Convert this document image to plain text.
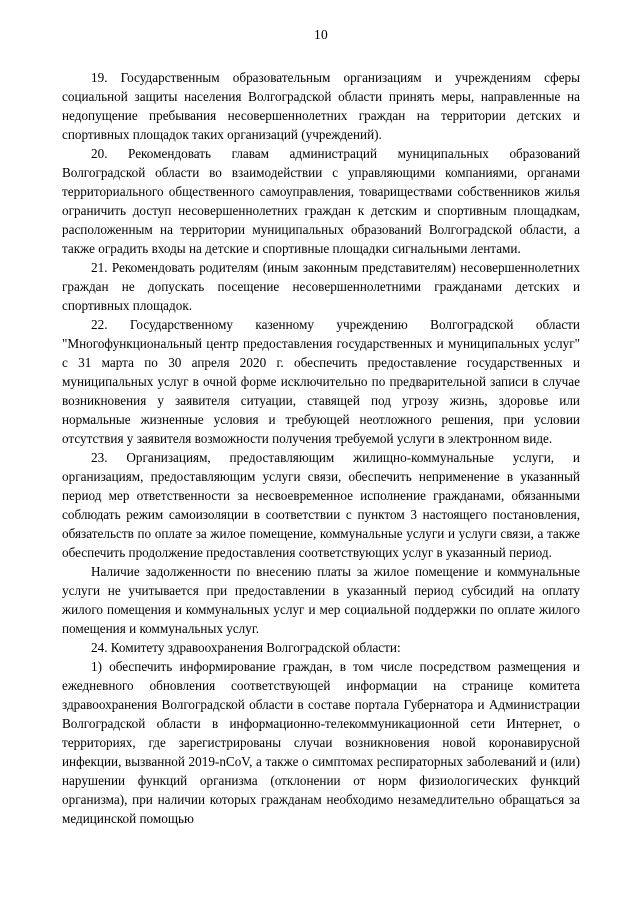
10

19. Государственным образовательным организациям и учреждениям сферы социальной защиты населения Волгоградской области принять меры, направленные на недопущение пребывания несовершеннолетних граждан на территории детских и спортивных площадок таких организаций (учреждений).

20. Рекомендовать главам администраций муниципальных образований Волгоградской области во взаимодействии с управляющими компаниями, органами территориального общественного самоуправления, товариществами собственников жилья ограничить доступ несовершеннолетних граждан к детским и спортивным площадкам, расположенным на территории муниципальных образований Волгоградской области, а также оградить входы на детские и спортивные площадки сигнальными лентами.

21. Рекомендовать родителям (иным законным представителям) несовершеннолетних граждан не допускать посещение несовершеннолетними гражданами детских и спортивных площадок.

22. Государственному казенному учреждению Волгоградской области "Многофункциональный центр предоставления государственных и муниципальных услуг" с 31 марта по 30 апреля 2020 г. обеспечить предоставление государственных и муниципальных услуг в очной форме исключительно по предварительной записи в случае возникновения у заявителя ситуации, ставящей под угрозу жизнь, здоровье или нормальные жизненные условия и требующей неотложного решения, при условии отсутствия у заявителя возможности получения требуемой услуги в электронном виде.

23. Организациям, предоставляющим жилищно-коммунальные услуги, и организациям, предоставляющим услуги связи, обеспечить неприменение в указанный период мер ответственности за несвоевременное исполнение гражданами, обязанными соблюдать режим самоизоляции в соответствии с пунктом 3 настоящего постановления, обязательств по оплате за жилое помещение, коммунальные услуги и услуги связи, а также обеспечить продолжение предоставления соответствующих услуг в указанный период.

Наличие задолженности по внесению платы за жилое помещение и коммунальные услуги не учитывается при предоставлении в указанный период субсидий на оплату жилого помещения и коммунальных услуг и мер социальной поддержки по оплате жилого помещения и коммунальных услуг.

24. Комитету здравоохранения Волгоградской области:

1) обеспечить информирование граждан, в том числе посредством размещения и ежедневного обновления соответствующей информации на странице комитета здравоохранения Волгоградской области в составе портала Губернатора и Администрации Волгоградской области в информационно-телекоммуникационной сети Интернет, о территориях, где зарегистрированы случаи возникновения новой коронавирусной инфекции, вызванной 2019-nCoV, а также о симптомах респираторных заболеваний и (или) нарушении функций организма (отклонении от норм физиологических функций организма), при наличии которых гражданам необходимо незамедлительно обращаться за медицинской помощью
